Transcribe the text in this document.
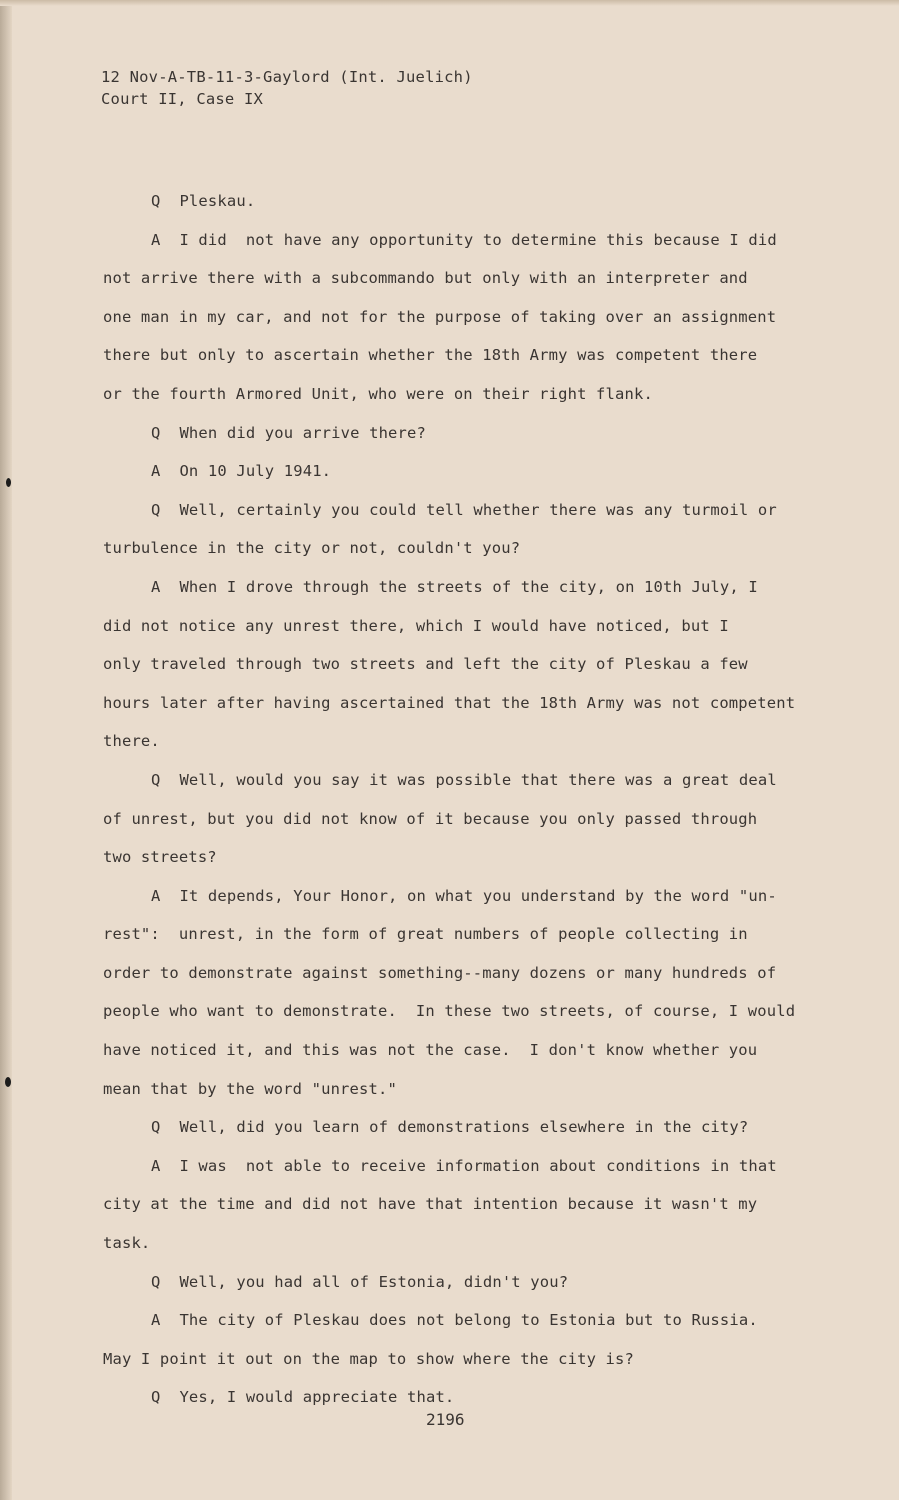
12 Nov-A-TB-11-3-Gaylord (Int. Juelich)
Court II, Case IX
Q  Pleskau.
A  I did  not have any opportunity to determine this because I did
not arrive there with a subcommando but only with an interpreter and
one man in my car, and not for the purpose of taking over an assignment
there but only to ascertain whether the 18th Army was competent there
or the fourth Armored Unit, who were on their right flank.
Q  When did you arrive there?
A  On 10 July 1941.
Q  Well, certainly you could tell whether there was any turmoil or
turbulence in the city or not, couldn't you?
A  When I drove through the streets of the city, on 10th July, I
did not notice any unrest there, which I would have noticed, but I
only traveled through two streets and left the city of Pleskau a few
hours later after having ascertained that the 18th Army was not competent
there.
Q  Well, would you say it was possible that there was a great deal
of unrest, but you did not know of it because you only passed through
two streets?
A  It depends, Your Honor, on what you understand by the word "un-
rest":  unrest, in the form of great numbers of people collecting in
order to demonstrate against something--many dozens or many hundreds of
people who want to demonstrate.  In these two streets, of course, I would
have noticed it, and this was not the case.  I don't know whether you
mean that by the word "unrest."
Q  Well, did you learn of demonstrations elsewhere in the city?
A  I was  not able to receive information about conditions in that
city at the time and did not have that intention because it wasn't my
task.
Q  Well, you had all of Estonia, didn't you?
A  The city of Pleskau does not belong to Estonia but to Russia.
May I point it out on the map to show where the city is?
Q  Yes, I would appreciate that.
2196
